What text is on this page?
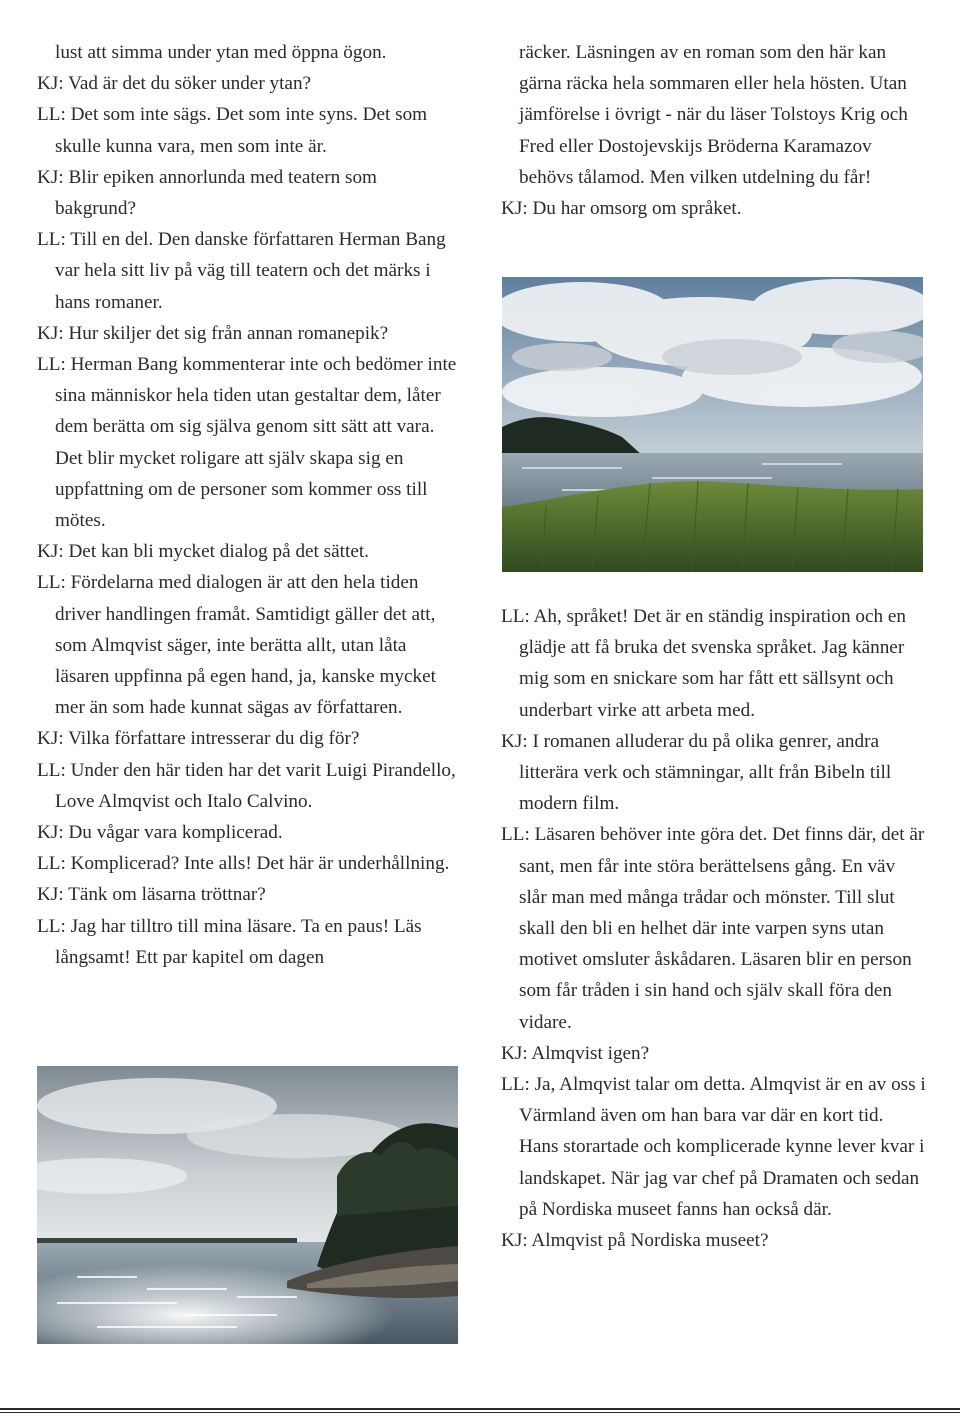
lust att simma under ytan med öppna ögon.

KJ: Vad är det du söker under ytan?

LL: Det som inte sägs. Det som inte syns. Det som skulle kunna vara, men som inte är.

KJ: Blir epiken annorlunda med teatern som bakgrund?

LL: Till en del. Den danske författaren Herman Bang var hela sitt liv på väg till teatern och det märks i hans romaner.

KJ: Hur skiljer det sig från annan romanepik?

LL: Herman Bang kommenterar inte och bedömer inte sina människor hela tiden utan gestaltar dem, låter dem berätta om sig själva genom sitt sätt att vara. Det blir mycket roligare att själv skapa sig en uppfattning om de personer som kommer oss till mötes.

KJ: Det kan bli mycket dialog på det sättet.

LL: Fördelarna med dialogen är att den hela tiden driver handlingen framåt. Samtidigt gäller det att, som Almqvist säger, inte berätta allt, utan låta läsaren uppfinna på egen hand, ja, kanske mycket mer än som hade kunnat sägas av författaren.

KJ: Vilka författare intresserar du dig för?

LL: Under den här tiden har det varit Luigi Pirandello, Love Almqvist och Italo Calvino.

KJ: Du vågar vara komplicerad.

LL: Komplicerad? Inte alls! Det här är underhållning.

KJ: Tänk om läsarna tröttnar?

LL: Jag har tilltro till mina läsare. Ta en paus! Läs långsamt! Ett par kapitel om dagen

räcker. Läsningen av en roman som den här kan gärna räcka hela sommaren eller hela hösten. Utan jämförelse i övrigt - när du läser Tolstoys Krig och Fred eller Dostojevskijs Bröderna Karamazov behövs tålamod. Men vilken utdelning du får!

KJ: Du har omsorg om språket.

LL: Ah, språket! Det är en ständig inspiration och en glädje att få bruka det svenska språket. Jag känner mig som en snickare som har fått ett sällsynt och underbart virke att arbeta med.

KJ: I romanen alluderar du på olika genrer, andra litterära verk och stämningar, allt från Bibeln till modern film.

LL: Läsaren behöver inte göra det. Det finns där, det är sant, men får inte störa berättelsens gång. En väv slår man med många trådar och mönster. Till slut skall den bli en helhet där inte varpen syns utan motivet omsluter åskådaren. Läsaren blir en person som får tråden i sin hand och själv skall föra den vidare.

KJ: Almqvist igen?

LL: Ja, Almqvist talar om detta. Almqvist är en av oss i Värmland även om han bara var där en kort tid. Hans storartade och komplicerade kynne lever kvar i landskapet. När jag var chef på Dramaten och sedan på Nordiska museet fanns han också där.

KJ: Almqvist på Nordiska museet?
